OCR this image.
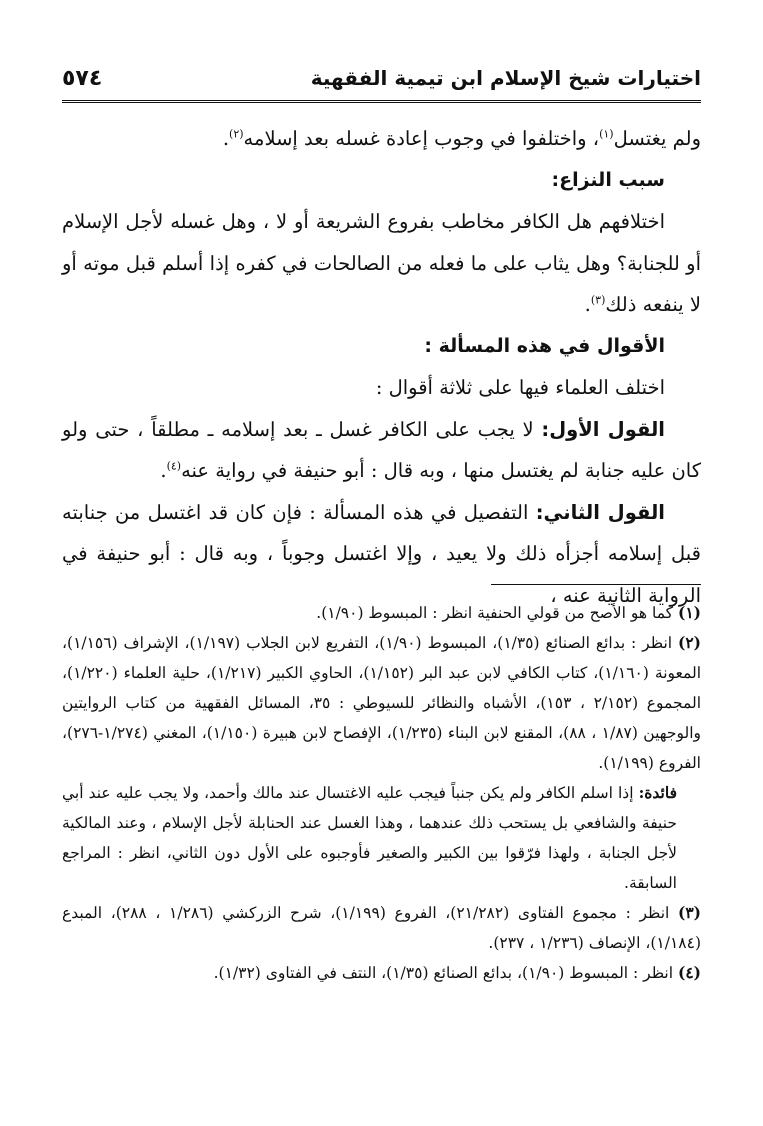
اختيارات شيخ الإسلام ابن تيمية الفقهية
٥٧٤

ولم يغتسل$^{(١)}$، واختلفوا في وجوب إعادة غسله بعد إسلامه$^{(٢)}$.

سبب النزاع:

اختلافهم هل الكافر مخاطب بفروع الشريعة أو لا ، وهل غسله لأجل الإسلام أو للجنابة؟ وهل يثاب على ما فعله من الصالحات في كفره إذا أسلم قبل موته أو لا ينفعه ذلك$^{(٣)}$.

الأقوال في هذه المسألة :

اختلف العلماء فيها على ثلاثة أقوال :

القول الأول: لا يجب على الكافر غسل ـ بعد إسلامه ـ مطلقاً ، حتى ولو كان عليه جنابة لم يغتسل منها ، وبه قال : أبو حنيفة في رواية عنه$^{(٤)}$.

القول الثاني: التفصيل في هذه المسألة : فإن كان قد اغتسل من جنابته قبل إسلامه أجزأه ذلك ولا يعيد ، وإلا اغتسل وجوباً ، وبه قال : أبو حنيفة في الرواية الثانية عنه ،

(١) كما هو الأصح من قولي الحنفية انظر : المبسوط (١/٩٠).

(٢) انظر : بدائع الصنائع (١/٣٥)، المبسوط (١/٩٠)، التفريع لابن الجلاب (١/١٩٧)، الإشراف (١/١٥٦)، المعونة (١/١٦٠)، كتاب الكافي لابن عبد البر (١/١٥٢)، الحاوي الكبير (١/٢١٧)، حلية العلماء (١/٢٢٠)، المجموع (٢/١٥٢ ، ١٥٣)، الأشباه والنظائر للسيوطي : ٣٥، المسائل الفقهية من كتاب الروايتين والوجهين (١/٨٧ ، ٨٨)، المقنع لابن البناء (١/٢٣٥)، الإفصاح لابن هبيرة (١/١٥٠)، المغني (١/٢٧٤-٢٧٦)، الفروع (١/١٩٩).

فائدة: إذا اسلم الكافر ولم يكن جنباً فيجب عليه الاغتسال عند مالك وأحمد، ولا يجب عليه عند أبي حنيفة والشافعي بل يستحب ذلك عندهما ، وهذا الغسل عند الحنابلة لأجل الإسلام ، وعند المالكية لأجل الجنابة ، ولهذا فرّقوا بين الكبير والصغير فأوجبوه على الأول دون الثاني، انظر : المراجع السابقة.

(٣) انظر : مجموع الفتاوى (٢١/٢٨٢)، الفروع (١/١٩٩)، شرح الزركشي (١/٢٨٦ ، ٢٨٨)، المبدع (١/١٨٤)، الإنصاف (١/٢٣٦ ، ٢٣٧).

(٤) انظر : المبسوط (١/٩٠)، بدائع الصنائع (١/٣٥)، النتف في الفتاوى (١/٣٢).
